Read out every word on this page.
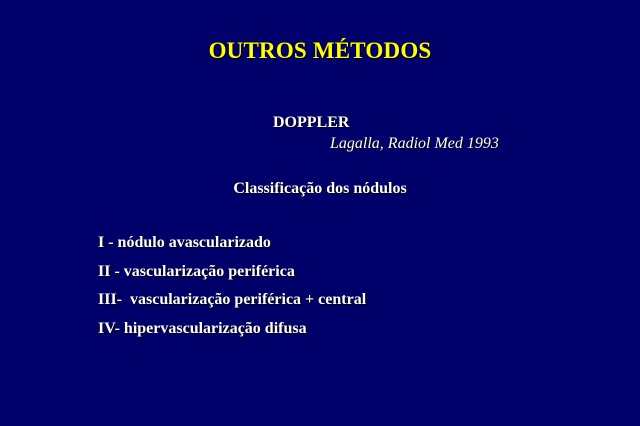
OUTROS MÉTODOS
DOPPLER
Lagalla, Radiol Med 1993
Classificação dos nódulos
I - nódulo avascularizado
II - vascularização periférica
III-  vascularização periférica + central
IV- hipervascularização difusa
